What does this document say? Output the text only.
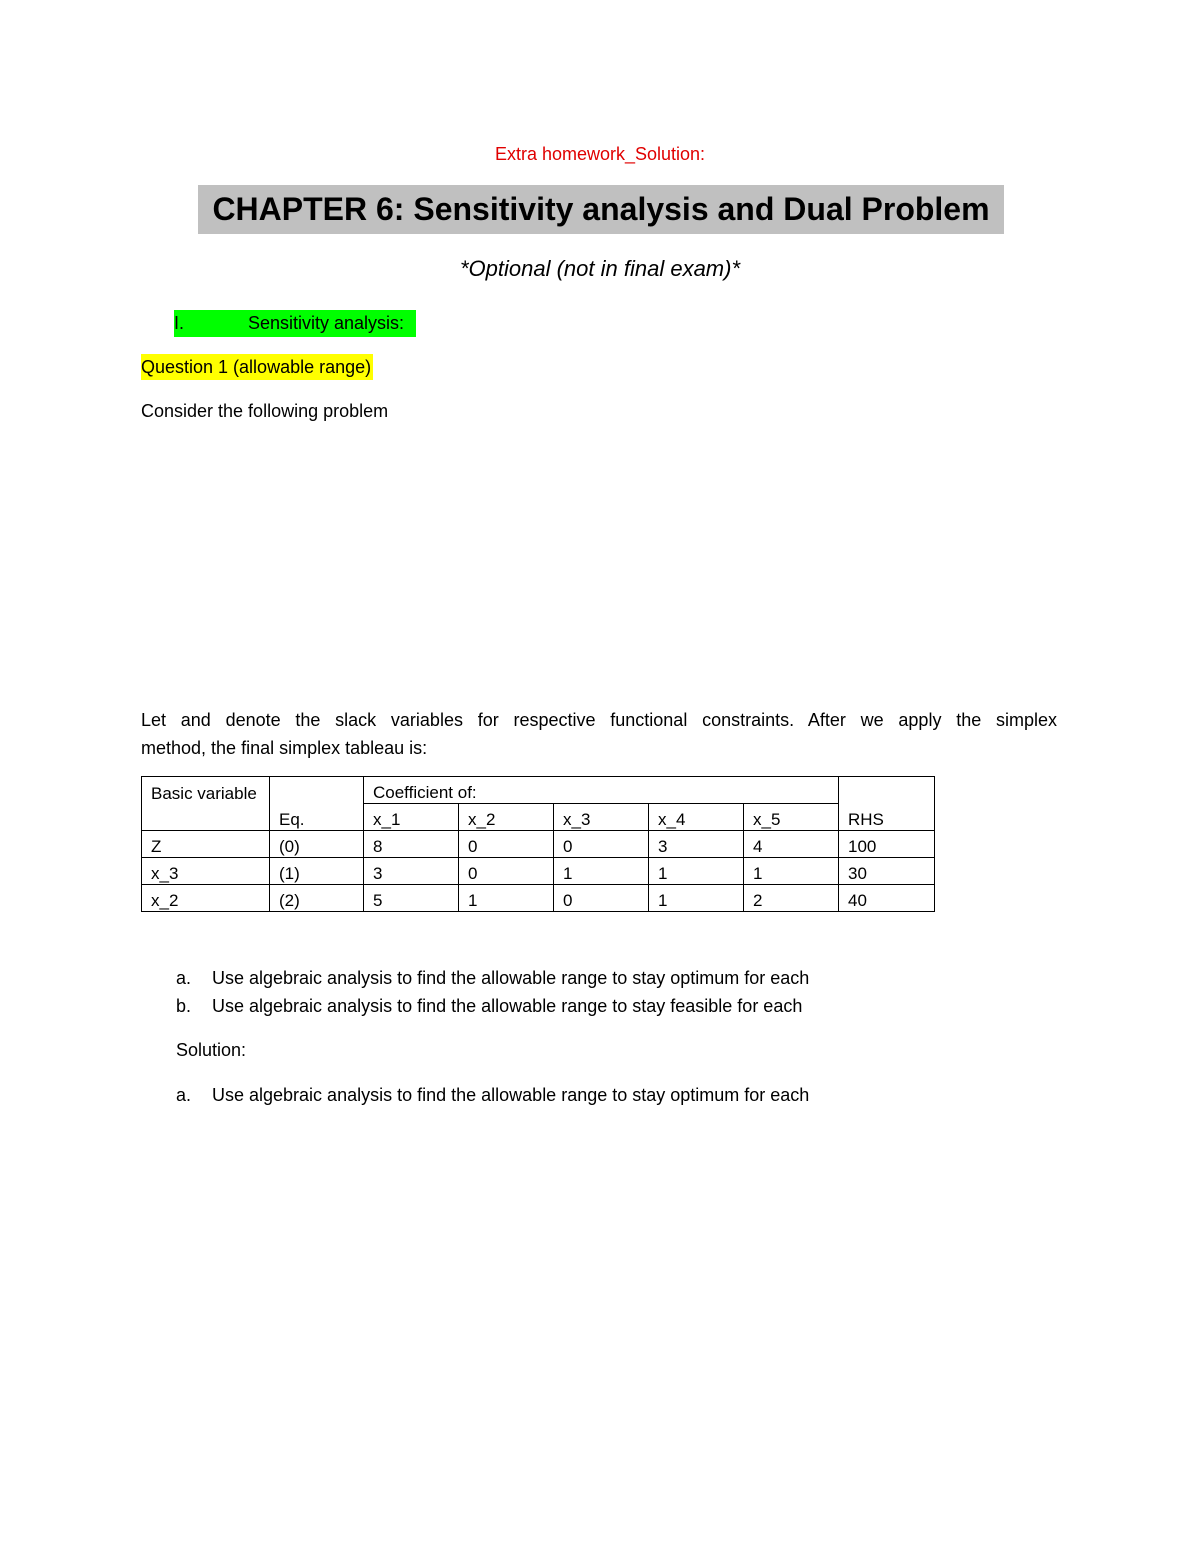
Extra homework_Solution:
CHAPTER 6: Sensitivity analysis and Dual Problem
*Optional (not in final exam)*
I.	Sensitivity analysis:
Question 1 (allowable range)
Consider the following problem
Let and denote the slack variables for respective functional constraints. After we apply the simplex
method, the final simplex tableau is:
Basic variable	Eq.	Coefficient of:					RHS
		x_1	x_2	x_3	x_4	x_5	
Z	(0)	8	0	0	3	4	100
x_3	(1)	3	0	1	1	1	30
x_2	(2)	5	1	0	1	2	40
a. Use algebraic analysis to find the allowable range to stay optimum for each
b. Use algebraic analysis to find the allowable range to stay feasible for each
Solution:
a. Use algebraic analysis to find the allowable range to stay optimum for each
